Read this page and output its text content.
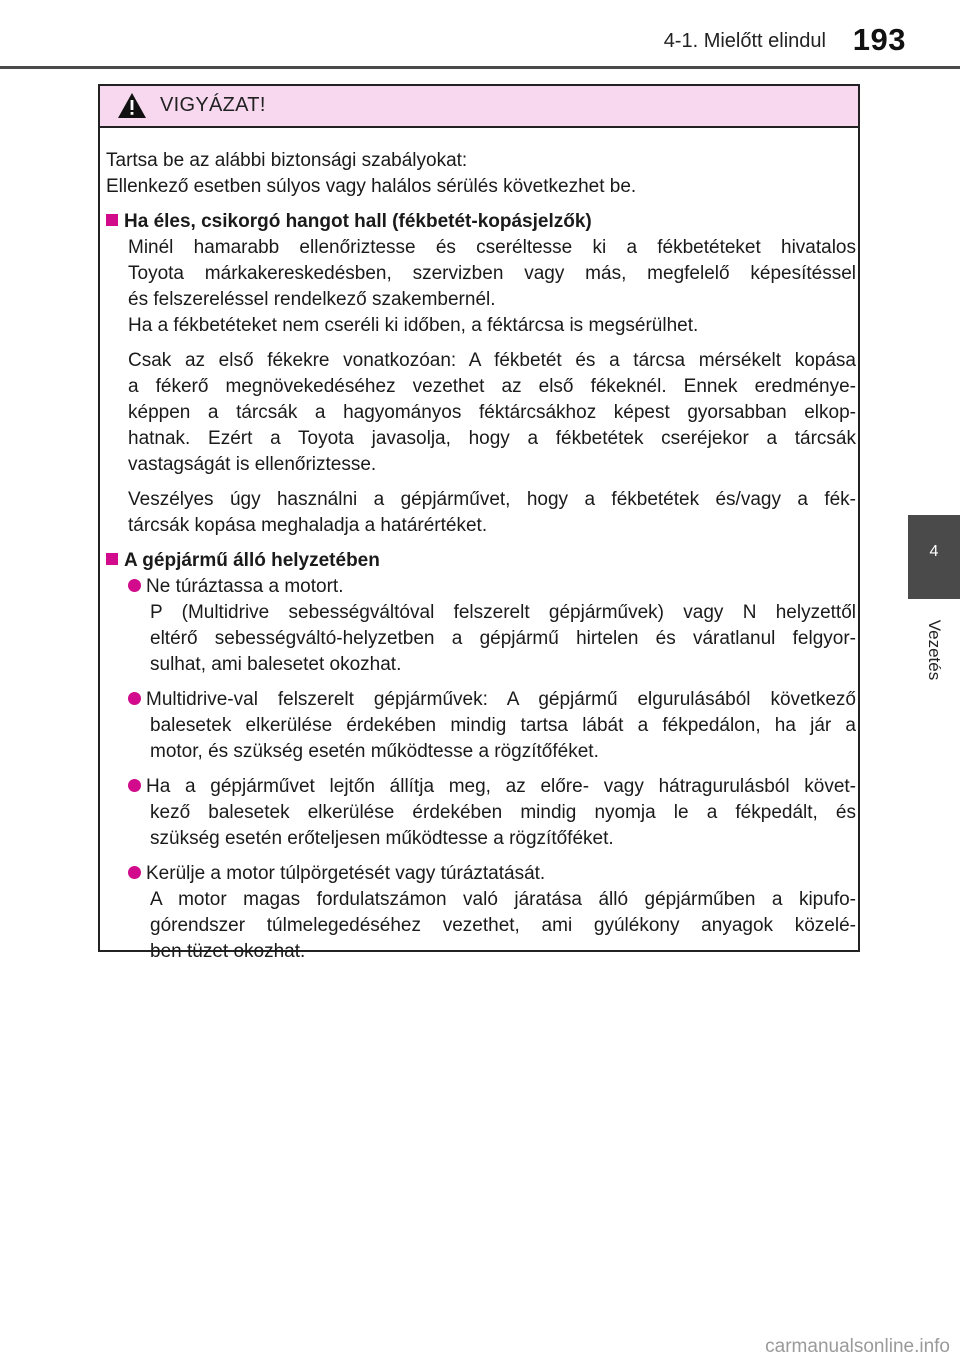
4-1. Mielőtt elindul 193
4
Vezetés
VIGYÁZAT!
Tartsa be az alábbi biztonsági szabályokat:
Ellenkező esetben súlyos vagy halálos sérülés következhet be.
Ha éles, csikorgó hangot hall (fékbetét-kopásjelzők)
Minél hamarabb ellenőriztesse és cseréltesse ki a fékbetéteket hivatalos
Toyota márkakereskedésben, szervizben vagy más, megfelelő képesítéssel
és felszereléssel rendelkező szakembernél.
Ha a fékbetéteket nem cseréli ki időben, a féktárcsa is megsérülhet.
Csak az első fékekre vonatkozóan: A fékbetét és a tárcsa mérsékelt kopása
a fékerő megnövekedéséhez vezethet az első fékeknél. Ennek eredménye-
képpen a tárcsák a hagyományos féktárcsákhoz képest gyorsabban elkop-
hatnak. Ezért a Toyota javasolja, hogy a fékbetétek cseréjekor a tárcsák
vastagságát is ellenőriztesse.
Veszélyes úgy használni a gépjárművet, hogy a fékbetétek és/vagy a fék-
tárcsák kopása meghaladja a határértéket.
A gépjármű álló helyzetében
Ne túráztassa a motort.
P (Multidrive sebességváltóval felszerelt gépjárművek) vagy N helyzettől
eltérő sebességváltó-helyzetben a gépjármű hirtelen és váratlanul felgyor-
sulhat, ami balesetet okozhat.
Multidrive-val felszerelt gépjárművek: A gépjármű elgurulásából következő
balesetek elkerülése érdekében mindig tartsa lábát a fékpedálon, ha jár a
motor, és szükség esetén működtesse a rögzítőféket.
Ha a gépjárművet lejtőn állítja meg, az előre- vagy hátragurulásból követ-
kező balesetek elkerülése érdekében mindig nyomja le a fékpedált, és
szükség esetén erőteljesen működtesse a rögzítőféket.
Kerülje a motor túlpörgetését vagy túráztatását.
A motor magas fordulatszámon való járatása álló gépjárműben a kipufo-
górendszer túlmelegedéséhez vezethet, ami gyúlékony anyagok közelé-
ben tüzet okozhat.
carmanualsonline.info
